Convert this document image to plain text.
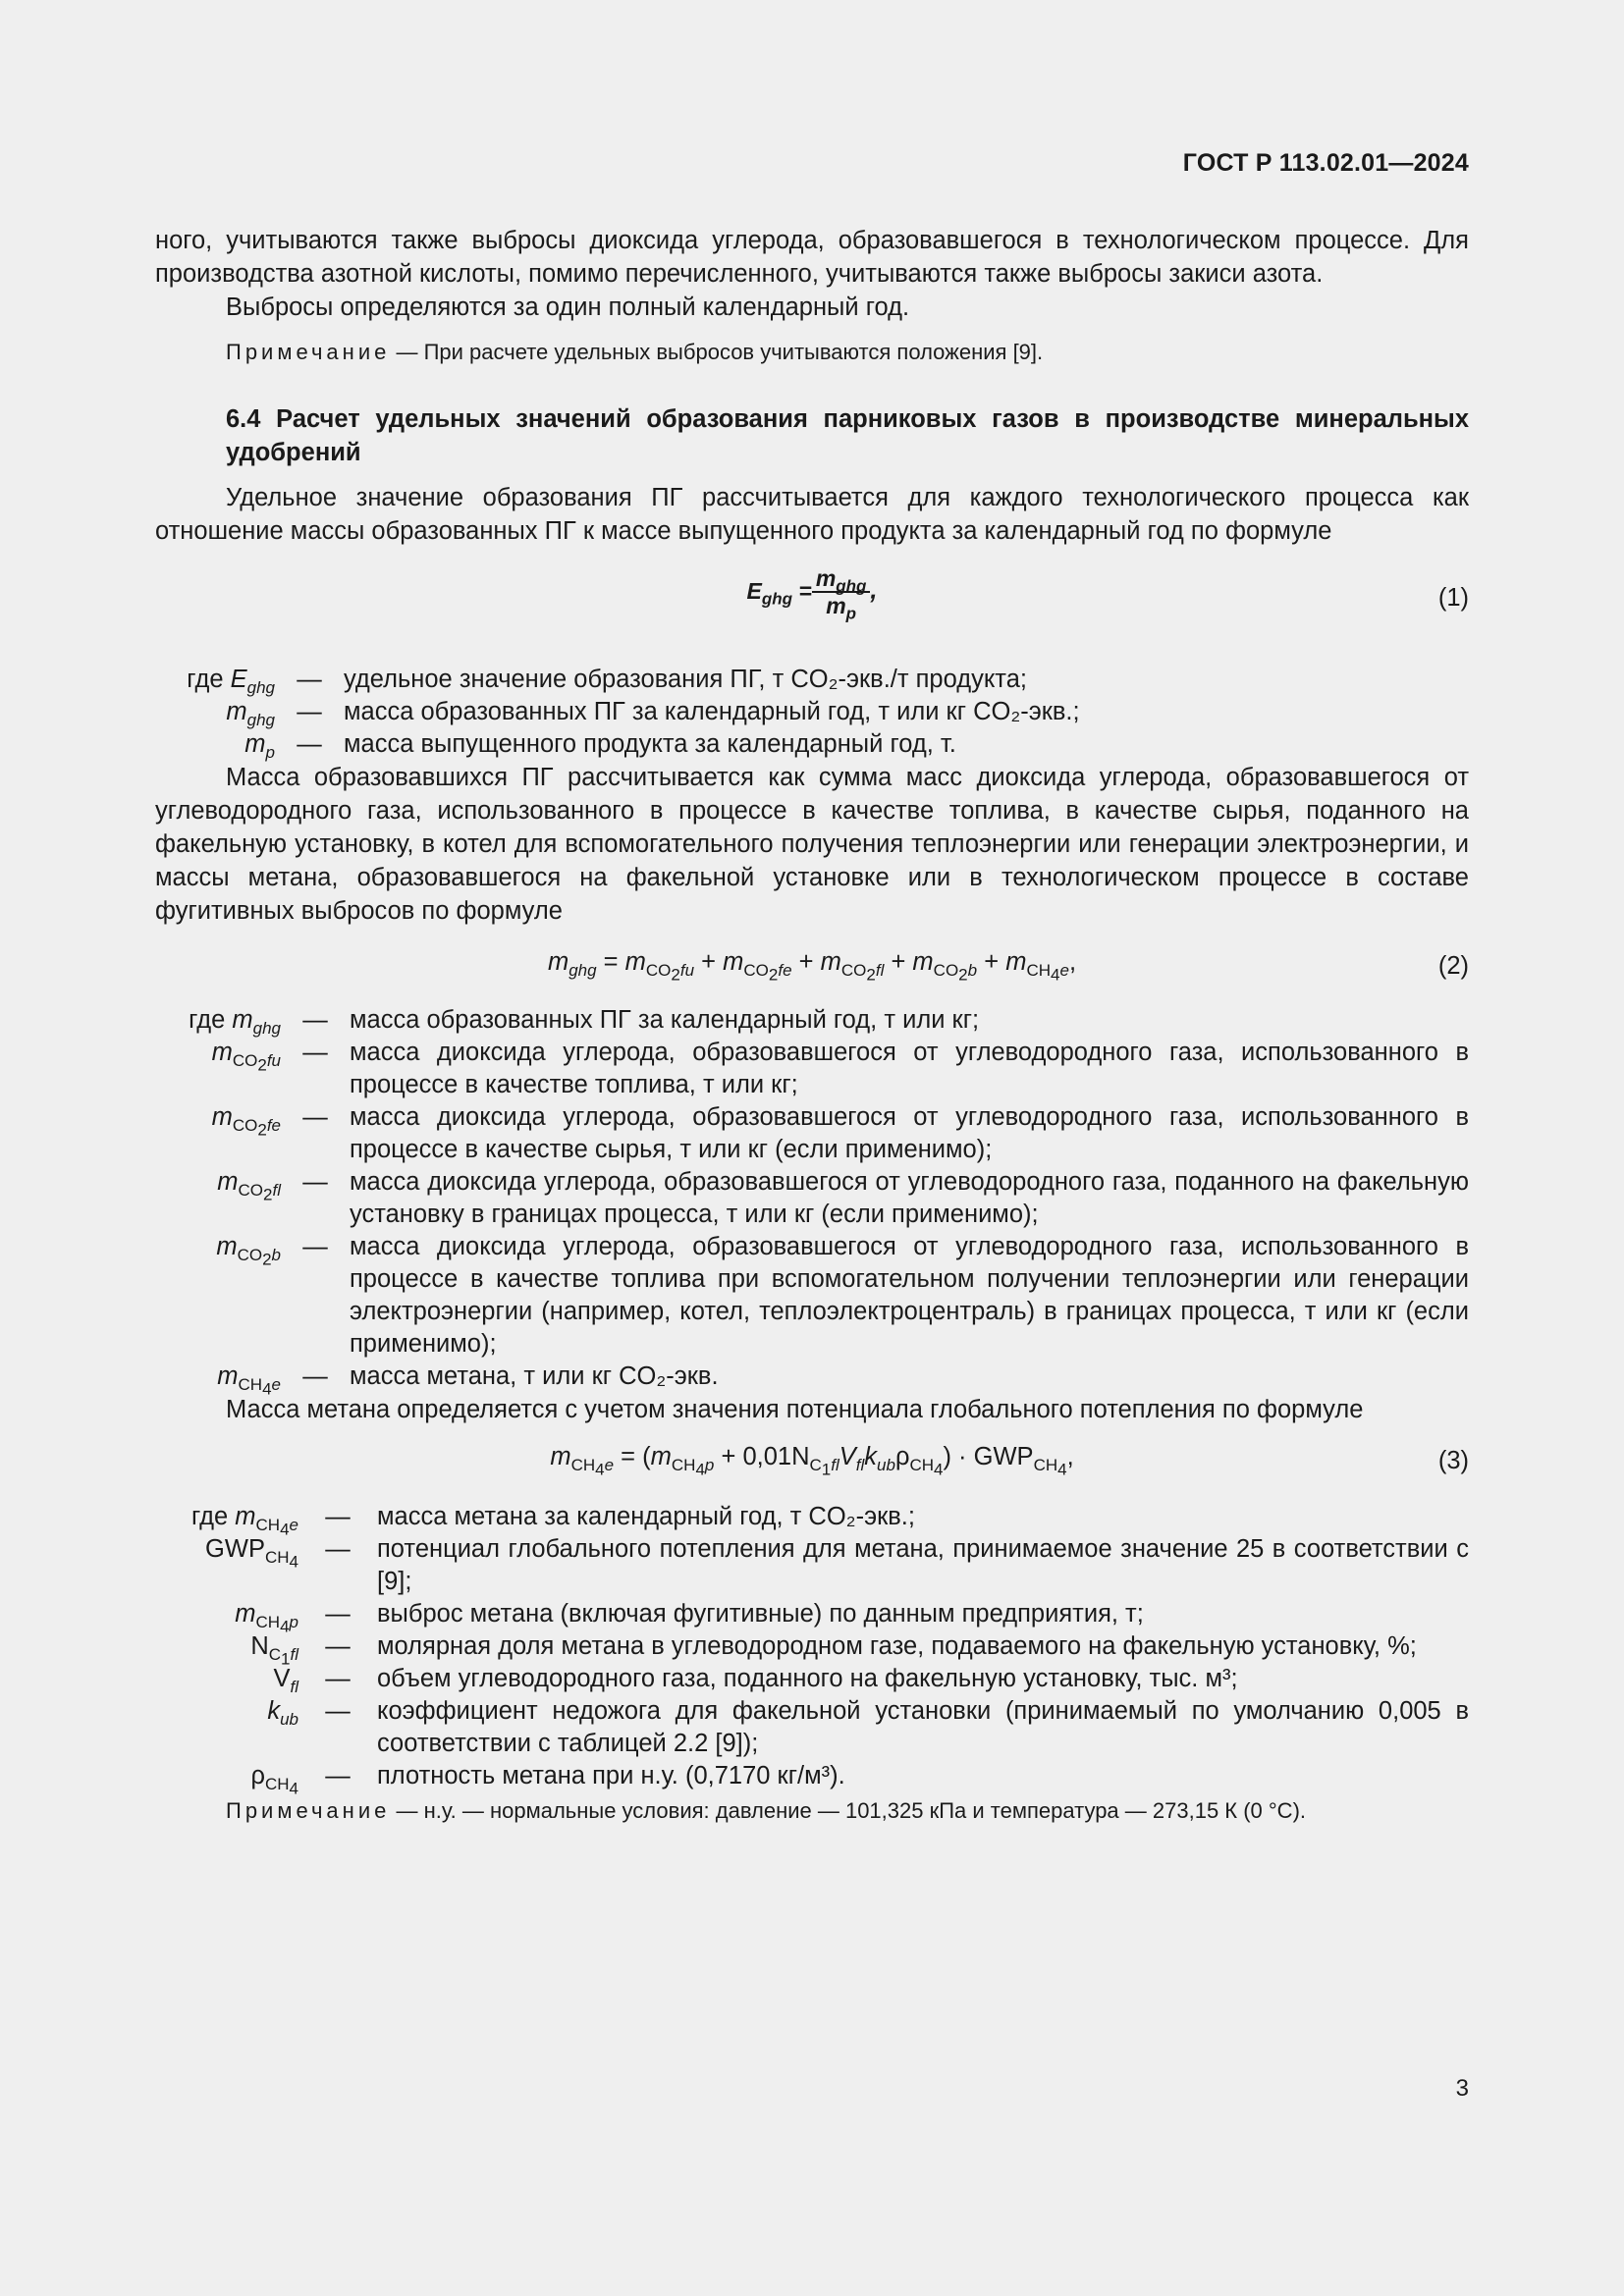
ГОСТ Р 113.02.01—2024

ного, учитываются также выбросы диоксида углерода, образовавшегося в технологическом процессе. Для производства азотной кислоты, помимо перечисленного, учитываются также выбросы закиси азота.

Выбросы определяются за один полный календарный год.

Примечание — При расчете удельных выбросов учитываются положения [9].

6.4 Расчет удельных значений образования парниковых газов в производстве минеральных удобрений

Удельное значение образования ПГ рассчитывается для каждого технологического процесса как отношение массы образованных ПГ к массе выпущенного продукта за календарный год по формуле

$E_{ghg} = \frac{m_{ghg}}{m_p}$ ,	(1)
где $E_{ghg}$	—	удельное значение образования ПГ, т CO₂-экв./т продукта;
$m_{ghg}$	—	масса образованных ПГ за календарный год, т или кг CO₂-экв.;
$m_p$	—	масса выпущенного продукта за календарный год, т.

Масса образовавшихся ПГ рассчитывается как сумма масс диоксида углерода, образовавшегося от углеводородного газа, использованного в процессе в качестве топлива, в качестве сырья, поданного на факельную установку, в котел для вспомогательного получения теплоэнергии или генерации электроэнергии, и массы метана, образовавшегося на факельной установке или в технологическом процессе в составе фугитивных выбросов по формуле

$m_{ghg} = m_{CO_2fu} + m_{CO_2fe} + m_{CO_2fl} + m_{CO_2b} + m_{CH_4e}$,	(2)
где $m_{ghg}$	—	масса образованных ПГ за календарный год, т или кг;
$m_{CO_2fu}$	—	масса диоксида углерода, образовавшегося от углеводородного газа, использованного в процессе в качестве топлива, т или кг;
$m_{CO_2fe}$	—	масса диоксида углерода, образовавшегося от углеводородного газа, использованного в процессе в качестве сырья, т или кг (если применимо);
$m_{CO_2fl}$	—	масса диоксида углерода, образовавшегося от углеводородного газа, поданного на факельную установку в границах процесса, т или кг (если применимо);
$m_{CO_2b}$	—	масса диоксида углерода, образовавшегося от углеводородного газа, использованного в процессе в качестве топлива при вспомогательном получении теплоэнергии или генерации электроэнергии (например, котел, теплоэлектроцентраль) в границах процесса, т или кг (если применимо);
$m_{CH_4e}$	—	масса метана, т или кг CO₂-экв.

Масса метана определяется с учетом значения потенциала глобального потепления по формуле

$m_{CH_4e} = (m_{CH_4p} + 0,01N_{C_1fl}V_{fl}k_{ub}\rho_{CH_4}) \cdot GWP_{CH_4}$,	(3)
где $m_{CH_4e}$	—	масса метана за календарный год, т CO₂-экв.;
$GWP_{CH_4}$	—	потенциал глобального потепления для метана, принимаемое значение 25 в соответствии с [9];
$m_{CH_4p}$	—	выброс метана (включая фугитивные) по данным предприятия, т;
$N_{C_1fl}$	—	молярная доля метана в углеводородном газе, подаваемого на факельную установку, %;
$V_{fl}$	—	объем углеводородного газа, поданного на факельную установку, тыс. м³;
$k_{ub}$	—	коэффициент недожога для факельной установки (принимаемый по умолчанию 0,005 в соответствии с таблицей 2.2 [9]);
$\rho_{CH_4}$	—	плотность метана при н.у. (0,7170 кг/м³).

Примечание — н.у. — нормальные условия: давление — 101,325 кПа и температура — 273,15 К (0 °С).

3
